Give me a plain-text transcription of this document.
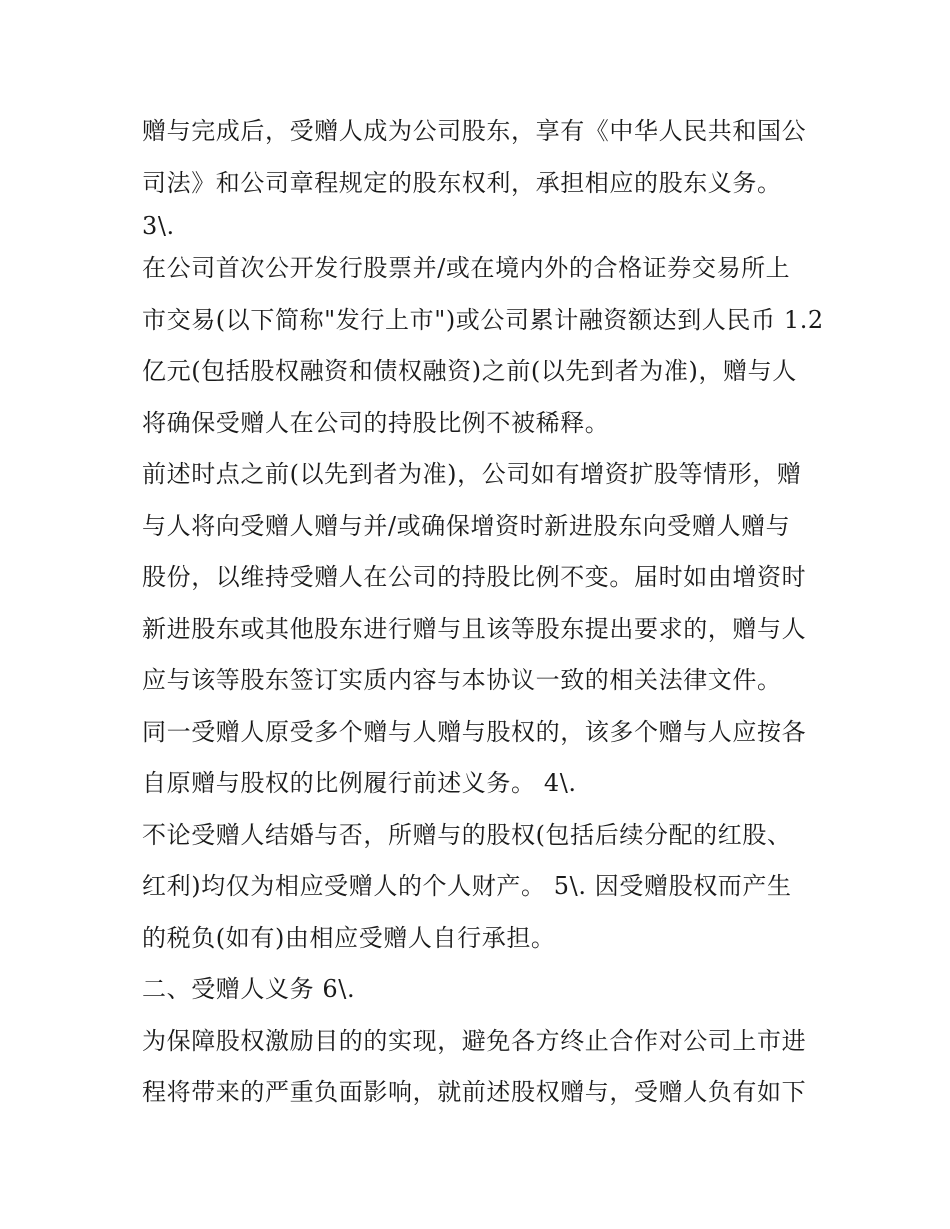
赠与完成后，受赠人成为公司股东，享有《中华人民共和国公
司法》和公司章程规定的股东权利，承担相应的股东义务。
3\.
在公司首次公开发行股票并/或在境内外的合格证券交易所上
市交易(以下简称"发行上市")或公司累计融资额达到人民币 1.2
亿元(包括股权融资和债权融资)之前(以先到者为准)，赠与人
将确保受赠人在公司的持股比例不被稀释。
前述时点之前(以先到者为准)，公司如有增资扩股等情形，赠
与人将向受赠人赠与并/或确保增资时新进股东向受赠人赠与
股份，以维持受赠人在公司的持股比例不变。届时如由增资时
新进股东或其他股东进行赠与且该等股东提出要求的，赠与人
应与该等股东签订实质内容与本协议一致的相关法律文件。
同一受赠人原受多个赠与人赠与股权的，该多个赠与人应按各
自原赠与股权的比例履行前述义务。 4\.
不论受赠人结婚与否，所赠与的股权(包括后续分配的红股、
红利)均仅为相应受赠人的个人财产。 5\. 因受赠股权而产生
的税负(如有)由相应受赠人自行承担。
二、受赠人义务 6\.
为保障股权激励目的的实现，避免各方终止合作对公司上市进
程将带来的严重负面影响，就前述股权赠与，受赠人负有如下
